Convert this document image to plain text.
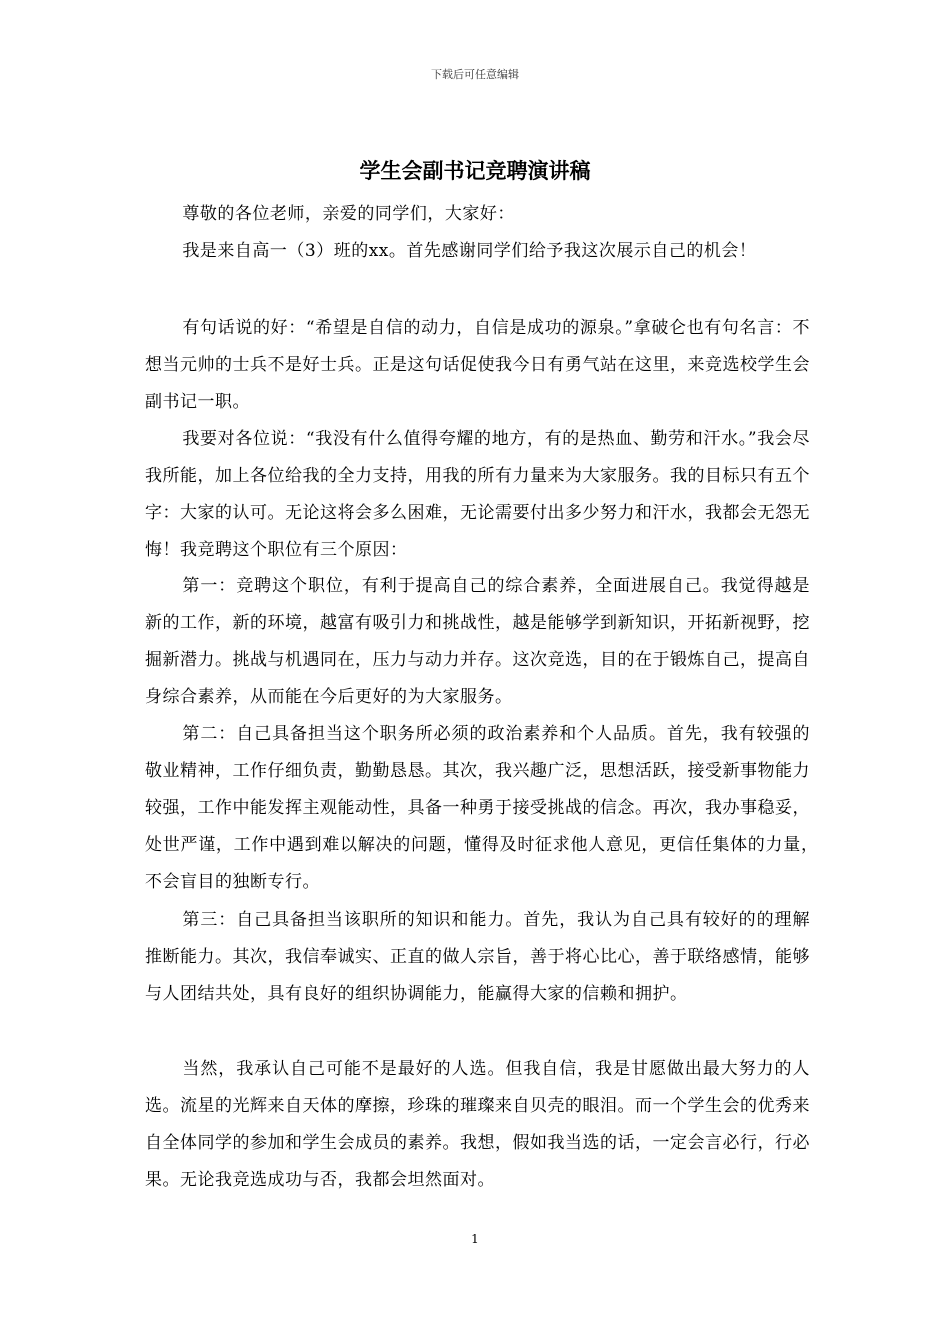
下载后可任意编辑
学生会副书记竞聘演讲稿

尊敬的各位老师，亲爱的同学们，大家好：

我是来自高一（3）班的xx。首先感谢同学们给予我这次展示自己的机会！

有句话说的好：“希望是自信的动力，自信是成功的源泉。”拿破仑也有句名言：不想当元帅的士兵不是好士兵。正是这句话促使我今日有勇气站在这里，来竞选校学生会副书记一职。

我要对各位说：“我没有什么值得夸耀的地方，有的是热血、勤劳和汗水。”我会尽我所能，加上各位给我的全力支持，用我的所有力量来为大家服务。我的目标只有五个字：大家的认可。无论这将会多么困难，无论需要付出多少努力和汗水，我都会无怨无悔！我竞聘这个职位有三个原因：

第一：竞聘这个职位，有利于提高自己的综合素养，全面进展自己。我觉得越是新的工作，新的环境，越富有吸引力和挑战性，越是能够学到新知识，开拓新视野，挖掘新潜力。挑战与机遇同在，压力与动力并存。这次竞选，目的在于锻炼自己，提高自身综合素养，从而能在今后更好的为大家服务。

第二：自己具备担当这个职务所必须的政治素养和个人品质。首先，我有较强的敬业精神，工作仔细负责，勤勤恳恳。其次，我兴趣广泛，思想活跃，接受新事物能力较强，工作中能发挥主观能动性，具备一种勇于接受挑战的信念。再次，我办事稳妥，处世严谨，工作中遇到难以解决的问题，懂得及时征求他人意见，更信任集体的力量，　不会盲目的独断专行。

第三：自己具备担当该职所的知识和能力。首先，我认为自己具有较好的的理解推断能力。其次，我信奉诚实、正直的做人宗旨，善于将心比心，善于联络感情，能够与人团结共处，具有良好的组织协调能力，能赢得大家的信赖和拥护。

当然，我承认自己可能不是最好的人选。但我自信，我是甘愿做出最大努力的人选。流星的光辉来自天体的摩擦，珍珠的璀璨来自贝壳的眼泪。而一个学生会的优秀来自全体同学的参加和学生会成员的素养。我想，假如我当选的话，一定会言必行，行必果。无论我竞选成功与否，我都会坦然面对。

1
